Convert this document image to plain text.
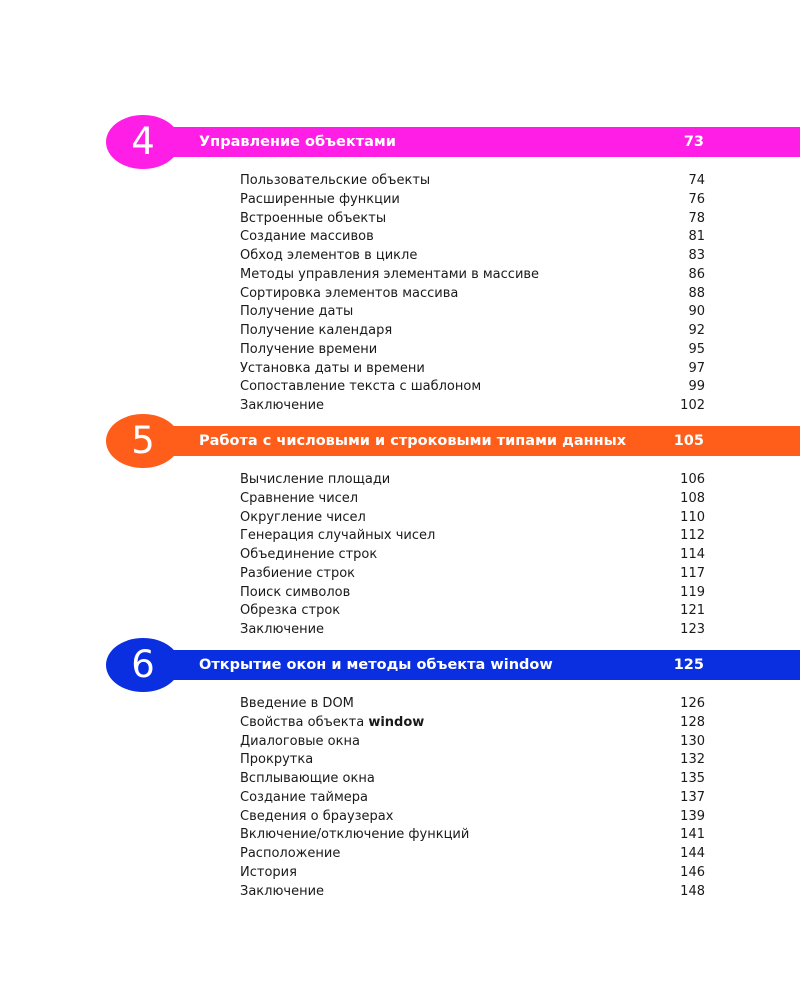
4	Управление объектами	73
Пользовательские объекты	74
Расширенные функции	76
Встроенные объекты	78
Создание массивов	81
Обход элементов в цикле	83
Методы управления элементами в массиве	86
Сортировка элементов массива	88
Получение даты	90
Получение календаря	92
Получение времени	95
Установка даты и времени	97
Сопоставление текста с шаблоном	99
Заключение	102
5	Работа с числовыми и строковыми типами данных	105
Вычисление площади	106
Сравнение чисел	108
Округление чисел	110
Генерация случайных чисел	112
Объединение строк	114
Разбиение строк	117
Поиск символов	119
Обрезка строк	121
Заключение	123
6	Открытие окон и методы объекта window	125
Введение в DOM	126
Свойства объекта window	128
Диалоговые окна	130
Прокрутка	132
Всплывающие окна	135
Создание таймера	137
Сведения о браузерах	139
Включение/отключение функций	141
Расположение	144
История	146
Заключение	148
